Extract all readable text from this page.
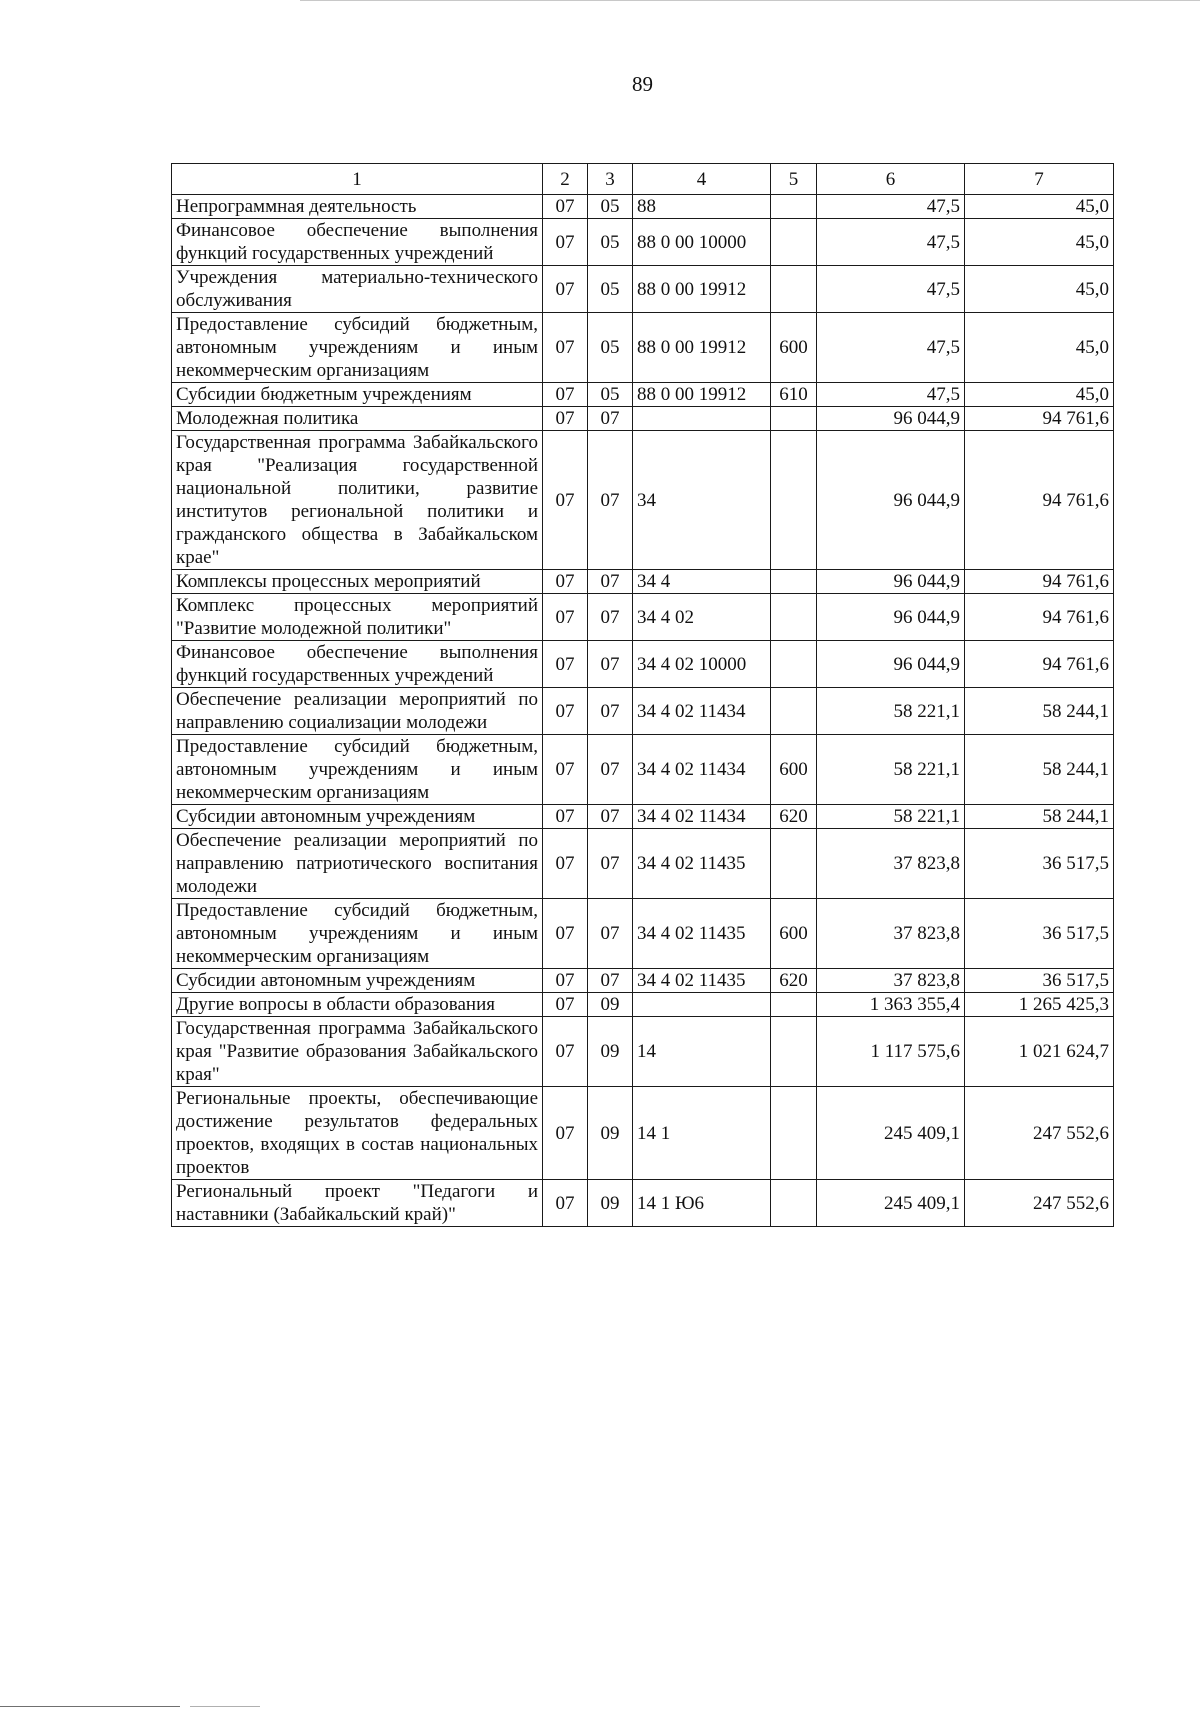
89
1	2	3	4	5	6	7
Непрограммная деятельность	07	05	88		47,5	45,0
Финансовое обеспечение выполнения функций государственных учреждений	07	05	88 0 00 10000		47,5	45,0
Учреждения материально-технического обслуживания	07	05	88 0 00 19912		47,5	45,0
Предоставление субсидий бюджетным, автономным учреждениям и иным некоммерческим организациям	07	05	88 0 00 19912	600	47,5	45,0
Субсидии бюджетным учреждениям	07	05	88 0 00 19912	610	47,5	45,0
Молодежная политика	07	07			96 044,9	94 761,6
Государственная программа Забайкальского края "Реализация государственной национальной политики, развитие институтов региональной политики и гражданского общества в Забайкальском крае"	07	07	34		96 044,9	94 761,6
Комплексы процессных мероприятий	07	07	34 4		96 044,9	94 761,6
Комплекс процессных мероприятий "Развитие молодежной политики"	07	07	34 4 02		96 044,9	94 761,6
Финансовое обеспечение выполнения функций государственных учреждений	07	07	34 4 02 10000		96 044,9	94 761,6
Обеспечение реализации мероприятий по направлению социализации молодежи	07	07	34 4 02 11434		58 221,1	58 244,1
Предоставление субсидий бюджетным, автономным учреждениям и иным некоммерческим организациям	07	07	34 4 02 11434	600	58 221,1	58 244,1
Субсидии автономным учреждениям	07	07	34 4 02 11434	620	58 221,1	58 244,1
Обеспечение реализации мероприятий по направлению патриотического воспитания молодежи	07	07	34 4 02 11435		37 823,8	36 517,5
Предоставление субсидий бюджетным, автономным учреждениям и иным некоммерческим организациям	07	07	34 4 02 11435	600	37 823,8	36 517,5
Субсидии автономным учреждениям	07	07	34 4 02 11435	620	37 823,8	36 517,5
Другие вопросы в области образования	07	09			1 363 355,4	1 265 425,3
Государственная программа Забайкальского края "Развитие образования Забайкальского края"	07	09	14		1 117 575,6	1 021 624,7
Региональные проекты, обеспечивающие достижение результатов федеральных проектов, входящих в состав национальных проектов	07	09	14 1		245 409,1	247 552,6
Региональный проект "Педагоги и наставники (Забайкальский край)"	07	09	14 1 Ю6		245 409,1	247 552,6
